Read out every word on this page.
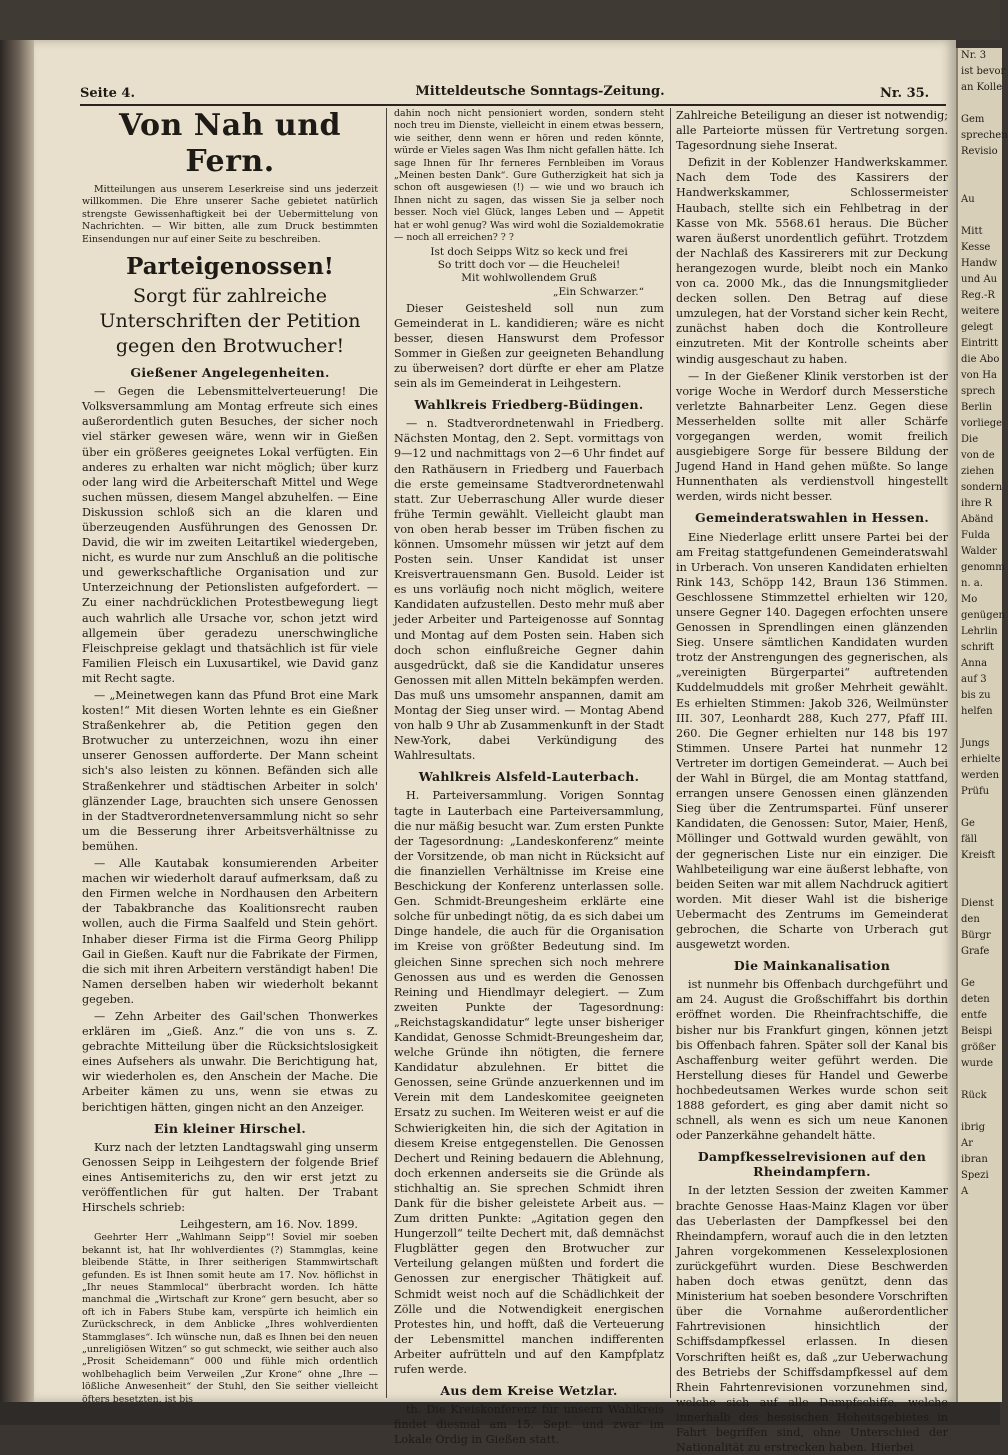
Seite 4.	Mitteldeutsche Sonntags-Zeitung.	Nr. 35.
Von Nah und Fern.

Mitteilungen aus unserem Leserkreise sind uns jederzeit willkommen. Die Ehre unserer Sache gebietet natürlich strengste Gewissenhaftigkeit bei der Uebermittelung von Nachrichten. — Wir bitten, alle zum Druck bestimmten Einsendungen nur auf einer Seite zu beschreiben.

Parteigenossen!
Sorgt für zahlreiche Unterschriften der Petition gegen den Brotwucher!
Gießener Angelegenheiten.

— Gegen die Lebensmittelverteuerung! Die Volksversammlung am Montag erfreute sich eines außerordentlich guten Besuches, der sicher noch viel stärker gewesen wäre, wenn wir in Gießen über ein größeres geeignetes Lokal verfügten. Ein anderes zu erhalten war nicht möglich; über kurz oder lang wird die Arbeiterschaft Mittel und Wege suchen müssen, diesem Mangel abzuhelfen. — Eine Diskussion schloß sich an die klaren und überzeugenden Ausführungen des Genossen Dr. David, die wir im zweiten Leitartikel wiedergeben, nicht, es wurde nur zum Anschluß an die politische und gewerkschaftliche Organisation und zur Unterzeichnung der Petionslisten aufgefordert. — Zu einer nachdrücklichen Protestbewegung liegt auch wahrlich alle Ursache vor, schon jetzt wird allgemein über geradezu unerschwingliche Fleischpreise geklagt und thatsächlich ist für viele Familien Fleisch ein Luxusartikel, wie David ganz mit Recht sagte.

— „Meinetwegen kann das Pfund Brot eine Mark kosten!“ Mit diesen Worten lehnte es ein Gießner Straßenkehrer ab, die Petition gegen den Brotwucher zu unterzeichnen, wozu ihn einer unserer Genossen aufforderte. Der Mann scheint sich's also leisten zu können. Befänden sich alle Straßenkehrer und städtischen Arbeiter in solch' glänzender Lage, brauchten sich unsere Genossen in der Stadtverordnetenversammlung nicht so sehr um die Besserung ihrer Arbeitsverhältnisse zu bemühen.

— Alle Kautabak konsumierenden Arbeiter machen wir wiederholt darauf aufmerksam, daß zu den Firmen welche in Nordhausen den Arbeitern der Tabakbranche das Koalitionsrecht rauben wollen, auch die Firma Saalfeld und Stein gehört. Inhaber dieser Firma ist die Firma Georg Philipp Gail in Gießen. Kauft nur die Fabrikate der Firmen, die sich mit ihren Arbeitern verständigt haben! Die Namen derselben haben wir wiederholt bekannt gegeben.

— Zehn Arbeiter des Gail'schen Thonwerkes erklären im „Gieß. Anz.“ die von uns s. Z. gebrachte Mitteilung über die Rücksichtslosigkeit eines Aufsehers als unwahr. Die Berichtigung hat, wir wiederholen es, den Anschein der Mache. Die Arbeiter kämen zu uns, wenn sie etwas zu berichtigen hätten, gingen nicht an den Anzeiger.

Ein kleiner Hirschel.

Kurz nach der letzten Landtagswahl ging unserm Genossen Seipp in Leihgestern der folgende Brief eines Antisemiterichs zu, den wir erst jetzt zu veröffentlichen für gut halten. Der Trabant Hirschels schrieb:

Leihgestern, am 16. Nov. 1899.

Geehrter Herr „Wahlmann Seipp“! Soviel mir soeben bekannt ist, hat Ihr wohlverdientes (?) Stammglas, keine bleibende Stätte, in Ihrer seitherigen Stammwirtschaft gefunden. Es ist Ihnen somit heute am 17. Nov. höflichst in „Ihr neues Stammlocal“ überbracht worden. Ich hätte manchmal die „Wirtschaft zur Krone“ gern besucht, aber so oft ich in Fabers Stube kam, verspürte ich heimlich ein Zurückschreck, in dem Anblicke „Ihres wohlverdienten Stammglases“. Ich wünsche nun, daß es Ihnen bei den neuen „unreligiösen Witzen“ so gut schmeckt, wie seither auch also „Prosit Scheidemann“ 000 und fühle mich ordentlich wohlbehaglich beim Verweilen „Zur Krone“ ohne „Ihre — lößliche Anwesenheit“ der Stuhl, den Sie seither vielleicht öfters besetzten, ist bis

dahin noch nicht pensioniert worden, sondern steht noch treu im Dienste, vielleicht in einem etwas bessern, wie seither, denn wenn er hören und reden könnte, würde er Vieles sagen Was Ihm nicht gefallen hätte. Ich sage Ihnen für Ihr ferneres Fernbleiben im Voraus „Meinen besten Dank“. Gure Gutherzigkeit hat sich ja schon oft ausgewiesen (!) — wie und wo brauch ich Ihnen nicht zu sagen, das wissen Sie ja selber noch besser. Noch viel Glück, langes Leben und — Appetit hat er wohl genug? Was wird wohl die Sozialdemokratie — noch all erreichen? ? ?

Ist doch Seipps Witz so keck und frei
So tritt doch vor — die Heuchelei!
Mit wohlwollendem Gruß
„Ein Schwarzer.“

Dieser Geistesheld soll nun zum Gemeinderat in L. kandidieren; wäre es nicht besser, diesen Hanswurst dem Professor Sommer in Gießen zur geeigneten Behandlung zu überweisen? dort dürfte er eher am Platze sein als im Gemeinderat in Leihgestern.

Wahlkreis Friedberg-Büdingen.

— n. Stadtverordnetenwahl in Friedberg. Nächsten Montag, den 2. Sept. vormittags von 9—12 und nachmittags von 2—6 Uhr findet auf den Rathäusern in Friedberg und Fauerbach die erste gemeinsame Stadtverordnetenwahl statt. Zur Ueberraschung Aller wurde dieser frühe Termin gewählt. Vielleicht glaubt man von oben herab besser im Trüben fischen zu können. Umsomehr müssen wir jetzt auf dem Posten sein. Unser Kandidat ist unser Kreisvertrauensmann Gen. Busold. Leider ist es uns vorläufig noch nicht möglich, weitere Kandidaten aufzustellen. Desto mehr muß aber jeder Arbeiter und Parteigenosse auf Sonntag und Montag auf dem Posten sein. Haben sich doch schon einflußreiche Gegner dahin ausgedrückt, daß sie die Kandidatur unseres Genossen mit allen Mitteln bekämpfen werden. Das muß uns umsomehr anspannen, damit am Montag der Sieg unser wird. — Montag Abend von halb 9 Uhr ab Zusammenkunft in der Stadt New-York, dabei Verkündigung des Wahlresultats.

Wahlkreis Alsfeld-Lauterbach.

H. Parteiversammlung. Vorigen Sonntag tagte in Lauterbach eine Parteiversammlung, die nur mäßig besucht war. Zum ersten Punkte der Tagesordnung: „Landeskonferenz“ meinte der Vorsitzende, ob man nicht in Rücksicht auf die finanziellen Verhältnisse im Kreise eine Beschickung der Konferenz unterlassen solle. Gen. Schmidt-Breungesheim erklärte eine solche für unbedingt nötig, da es sich dabei um Dinge handele, die auch für die Organisation im Kreise von größter Bedeutung sind. Im gleichen Sinne sprechen sich noch mehrere Genossen aus und es werden die Genossen Reining und Hiendlmayr delegiert. — Zum zweiten Punkte der Tagesordnung: „Reichstagskandidatur“ legte unser bisheriger Kandidat, Genosse Schmidt-Breungesheim dar, welche Gründe ihn nötigten, die fernere Kandidatur abzulehnen. Er bittet die Genossen, seine Gründe anzuerkennen und im Verein mit dem Landeskomitee geeigneten Ersatz zu suchen. Im Weiteren weist er auf die Schwierigkeiten hin, die sich der Agitation in diesem Kreise entgegenstellen. Die Genossen Dechert und Reining bedauern die Ablehnung, doch erkennen anderseits sie die Gründe als stichhaltig an. Sie sprechen Schmidt ihren Dank für die bisher geleistete Arbeit aus. — Zum dritten Punkte: „Agitation gegen den Hungerzoll“ teilte Dechert mit, daß demnächst Flugblätter gegen den Brotwucher zur Verteilung gelangen müßten und fordert die Genossen zur energischer Thätigkeit auf. Schmidt weist noch auf die Schädlichkeit der Zölle und die Notwendigkeit energischen Protestes hin, und hofft, daß die Verteuerung der Lebensmittel manchen indifferenten Arbeiter aufrütteln und auf den Kampfplatz rufen werde.

Aus dem Kreise Wetzlar.

th. Die Kreiskonferenz für unsern Wahlkreis findet diesmal am 15. Sept. und zwar im Lokale Ordig in Gießen statt.

Zahlreiche Beteiligung an dieser ist notwendig; alle Parteiorte müssen für Vertretung sorgen. Tagesordnung siehe Inserat.

Defizit in der Koblenzer Handwerkskammer. Nach dem Tode des Kassirers der Handwerkskammer, Schlossermeister Haubach, stellte sich ein Fehlbetrag in der Kasse von Mk. 5568.61 heraus. Die Bücher waren äußerst unordentlich geführt. Trotzdem der Nachlaß des Kassirerers mit zur Deckung herangezogen wurde, bleibt noch ein Manko von ca. 2000 Mk., das die Innungsmitglieder decken sollen. Den Betrag auf diese umzulegen, hat der Vorstand sicher kein Recht, zunächst haben doch die Kontrolleure einzutreten. Mit der Kontrolle scheints aber windig ausgeschaut zu haben.

— In der Gießener Klinik verstorben ist der vorige Woche in Werdorf durch Messerstiche verletzte Bahnarbeiter Lenz. Gegen diese Messerhelden sollte mit aller Schärfe vorgegangen werden, womit freilich ausgiebigere Sorge für bessere Bildung der Jugend Hand in Hand gehen müßte. So lange Hunnenthaten als verdienstvoll hingestellt werden, wirds nicht besser.

Gemeinderatswahlen in Hessen.

Eine Niederlage erlitt unsere Partei bei der am Freitag stattgefundenen Gemeinderatswahl in Urberach. Von unseren Kandidaten erhielten Rink 143, Schöpp 142, Braun 136 Stimmen. Geschlossene Stimmzettel erhielten wir 120, unsere Gegner 140. Dagegen erfochten unsere Genossen in Sprendlingen einen glänzenden Sieg. Unsere sämtlichen Kandidaten wurden trotz der Anstrengungen des gegnerischen, als „vereinigten Bürgerpartei“ auftretenden Kuddelmuddels mit großer Mehrheit gewählt. Es erhielten Stimmen: Jakob 326, Weilmünster III. 307, Leonhardt 288, Kuch 277, Pfaff III. 260. Die Gegner erhielten nur 148 bis 197 Stimmen. Unsere Partei hat nunmehr 12 Vertreter im dortigen Gemeinderat. — Auch bei der Wahl in Bürgel, die am Montag stattfand, errangen unsere Genossen einen glänzenden Sieg über die Zentrumspartei. Fünf unserer Kandidaten, die Genossen: Sutor, Maier, Henß, Möllinger und Gottwald wurden gewählt, von der gegnerischen Liste nur ein einziger. Die Wahlbeteiligung war eine äußerst lebhafte, von beiden Seiten war mit allem Nachdruck agitiert worden. Mit dieser Wahl ist die bisherige Uebermacht des Zentrums im Gemeinderat gebrochen, die Scharte von Urberach gut ausgewetzt worden.

Die Mainkanalisation

ist nunmehr bis Offenbach durchgeführt und am 24. August die Großschiffahrt bis dorthin eröffnet worden. Die Rheinfrachtschiffe, die bisher nur bis Frankfurt gingen, können jetzt bis Offenbach fahren. Später soll der Kanal bis Aschaffenburg weiter geführt werden. Die Herstellung dieses für Handel und Gewerbe hochbedeutsamen Werkes wurde schon seit 1888 gefordert, es ging aber damit nicht so schnell, als wenn es sich um neue Kanonen oder Panzerkähne gehandelt hätte.

Dampfkesselrevisionen auf den Rheindampfern.

In der letzten Session der zweiten Kammer brachte Genosse Haas-Mainz Klagen vor über das Ueberlasten der Dampfkessel bei den Rheindampfern, worauf auch die in den letzten Jahren vorgekommenen Kesselexplosionen zurückgeführt wurden. Diese Beschwerden haben doch etwas genützt, denn das Ministerium hat soeben besondere Vorschriften über die Vornahme außerordentlicher Fahrtrevisionen hinsichtlich der Schiffsdampfkessel erlassen. In diesen Vorschriften heißt es, daß „zur Ueberwachung des Betriebs der Schiffsdampfkessel auf dem Rhein Fahrtenrevisionen vorzunehmen sind, welche sich auf alle Dampfschiffe, welche innerhalb des hessischen Hoheitsgebietes in Fahrt begriffen sind, ohne Unterschied der Nationalität zu erstrecken haben. Hierbei

Nr. 3
ist bevor
an Kolle

Gem
sprechen
Revisio

Au

Mitt
Kesse
Handw
und Au
Reg.-R
weitere
gelegt
Eintritt
die Abo
von Ha
sprech
Berlin
vorliege
Die
von de
ziehen
sondern
ihre R
Abänd
Fulda
Walder
genomm
n. a.
Mo
genügen
Lehrlin
schrift
Anna
auf 3
bis zu
helfen

Jungs
erhielte
werden
Prüfu

Ge
fäll
Kreisft

Dienst
den
Bürgr
Grafe

Ge
deten
entfe
Beispi
größer
wurde

Rück

ibrig
Ar
ibran
Spezi
A
